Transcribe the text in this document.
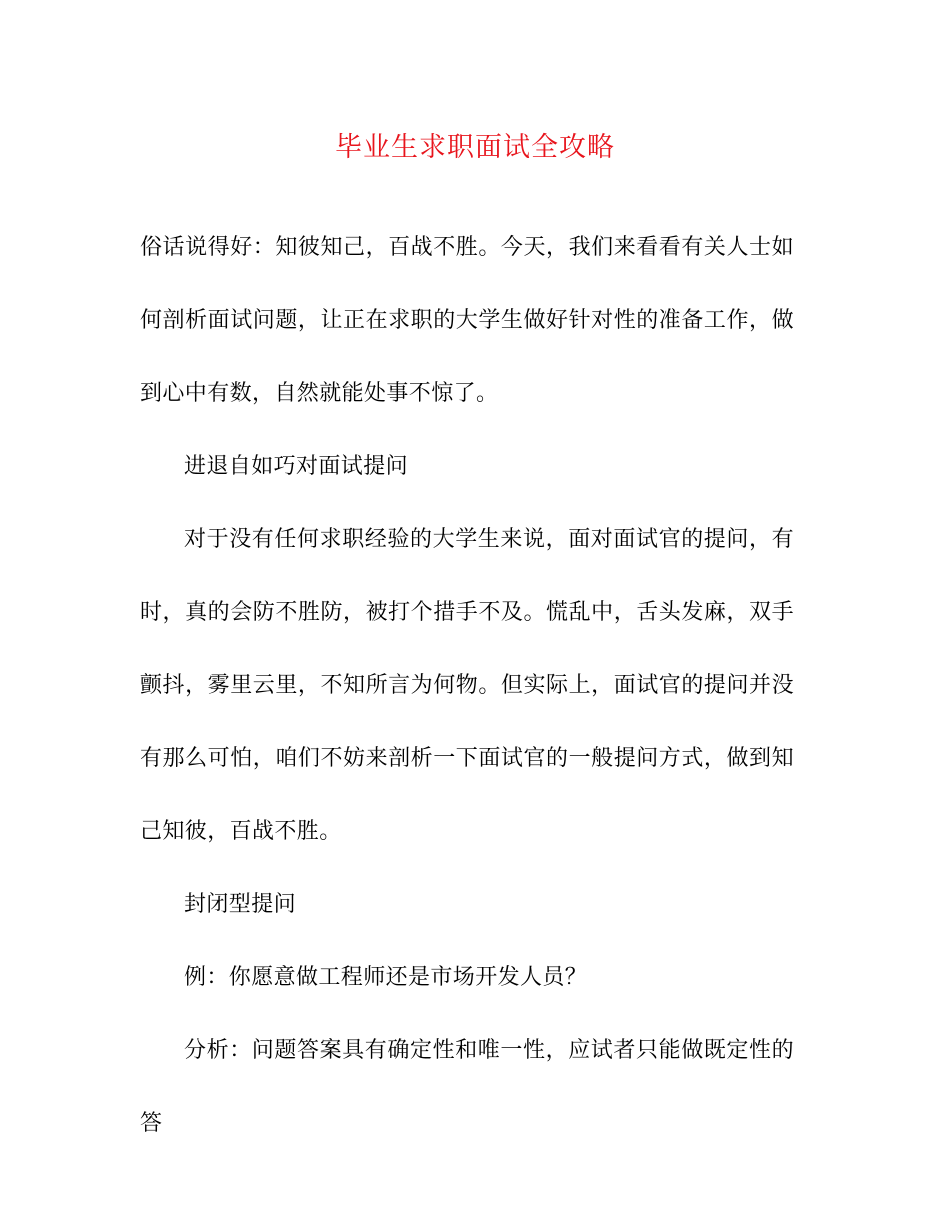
毕业生求职面试全攻略

俗话说得好：知彼知己，百战不胜。今天，我们来看看有关人士如何剖析面试问题，让正在求职的大学生做好针对性的准备工作，做到心中有数，自然就能处事不惊了。

进退自如巧对面试提问

对于没有任何求职经验的大学生来说，面对面试官的提问，有时，真的会防不胜防，被打个措手不及。慌乱中，舌头发麻，双手颤抖，雾里云里，不知所言为何物。但实际上，面试官的提问并没有那么可怕，咱们不妨来剖析一下面试官的一般提问方式，做到知己知彼，百战不胜。

封闭型提问

例：你愿意做工程师还是市场开发人员？

分析：问题答案具有确定性和唯一性，应试者只能做既定性的答
